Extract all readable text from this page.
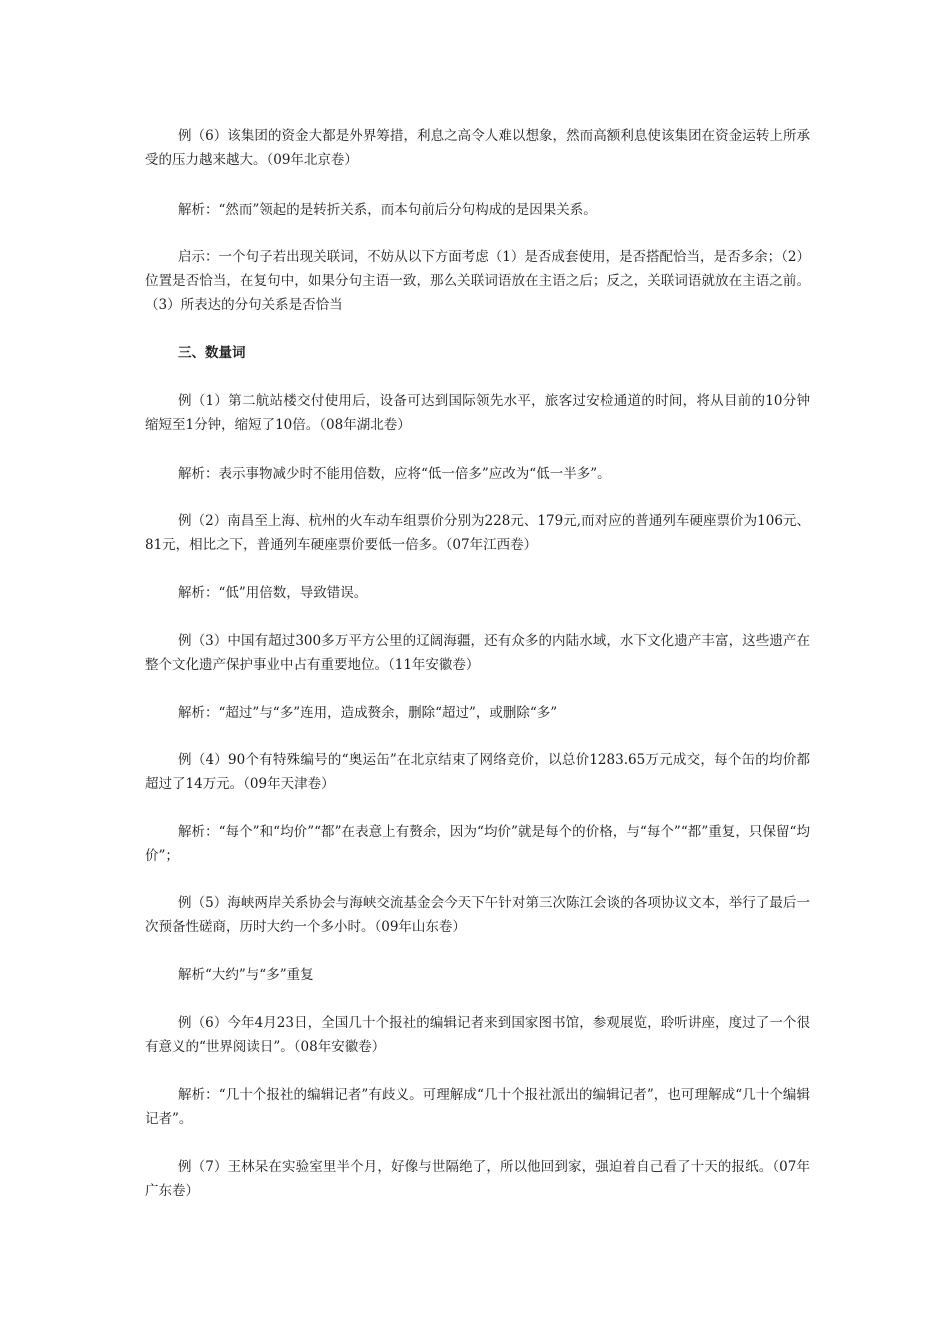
例（6）该集团的资金大都是外界筹措，利息之高令人难以想象，然而高额利息使该集团在资金运转上所承受的压力越来越大。（09年北京卷）

解析：“然而”领起的是转折关系，而本句前后分句构成的是因果关系。

启示：一个句子若出现关联词，不妨从以下方面考虑（1）是否成套使用，是否搭配恰当，是否多余；（2）位置是否恰当，在复句中，如果分句主语一致，那么关联词语放在主语之后；反之，关联词语就放在主语之前。（3）所表达的分句关系是否恰当

三、数量词

例（1）第二航站楼交付使用后，设备可达到国际领先水平，旅客过安检通道的时间，将从目前的10分钟缩短至1分钟，缩短了10倍。（08年湖北卷）

解析：表示事物减少时不能用倍数，应将“低一倍多”应改为“低一半多”。

例（2）南昌至上海、杭州的火车动车组票价分别为228元、179元,而对应的普通列车硬座票价为106元、81元，相比之下，普通列车硬座票价要低一倍多。（07年江西卷）

解析：“低”用倍数，导致错误。

例（3）中国有超过300多万平方公里的辽阔海疆，还有众多的内陆水域，水下文化遗产丰富，这些遗产在整个文化遗产保护事业中占有重要地位。（11年安徽卷）

解析：“超过”与“多”连用，造成赘余，删除“超过”，或删除“多”

例（4）90个有特殊编号的“奥运缶”在北京结束了网络竞价，以总价1283.65万元成交，每个缶的均价都超过了14万元。（09年天津卷）

解析：“每个”和“均价”“都”在表意上有赘余，因为“均价”就是每个的价格，与“每个”“都”重复，只保留“均价”；

例（5）海峡两岸关系协会与海峡交流基金会今天下午针对第三次陈江会谈的各项协议文本，举行了最后一次预备性磋商，历时大约一个多小时。（09年山东卷）

解析“大约”与“多”重复

例（6）今年4月23日，全国几十个报社的编辑记者来到国家图书馆，参观展览，聆听讲座，度过了一个很有意义的“世界阅读日”。（08年安徽卷）

解析：“几十个报社的编辑记者”有歧义。可理解成“几十个报社派出的编辑记者”，也可理解成“几十个编辑记者”。

例（7）王林呆在实验室里半个月，好像与世隔绝了，所以他回到家，强迫着自己看了十天的报纸。（07年广东卷）
